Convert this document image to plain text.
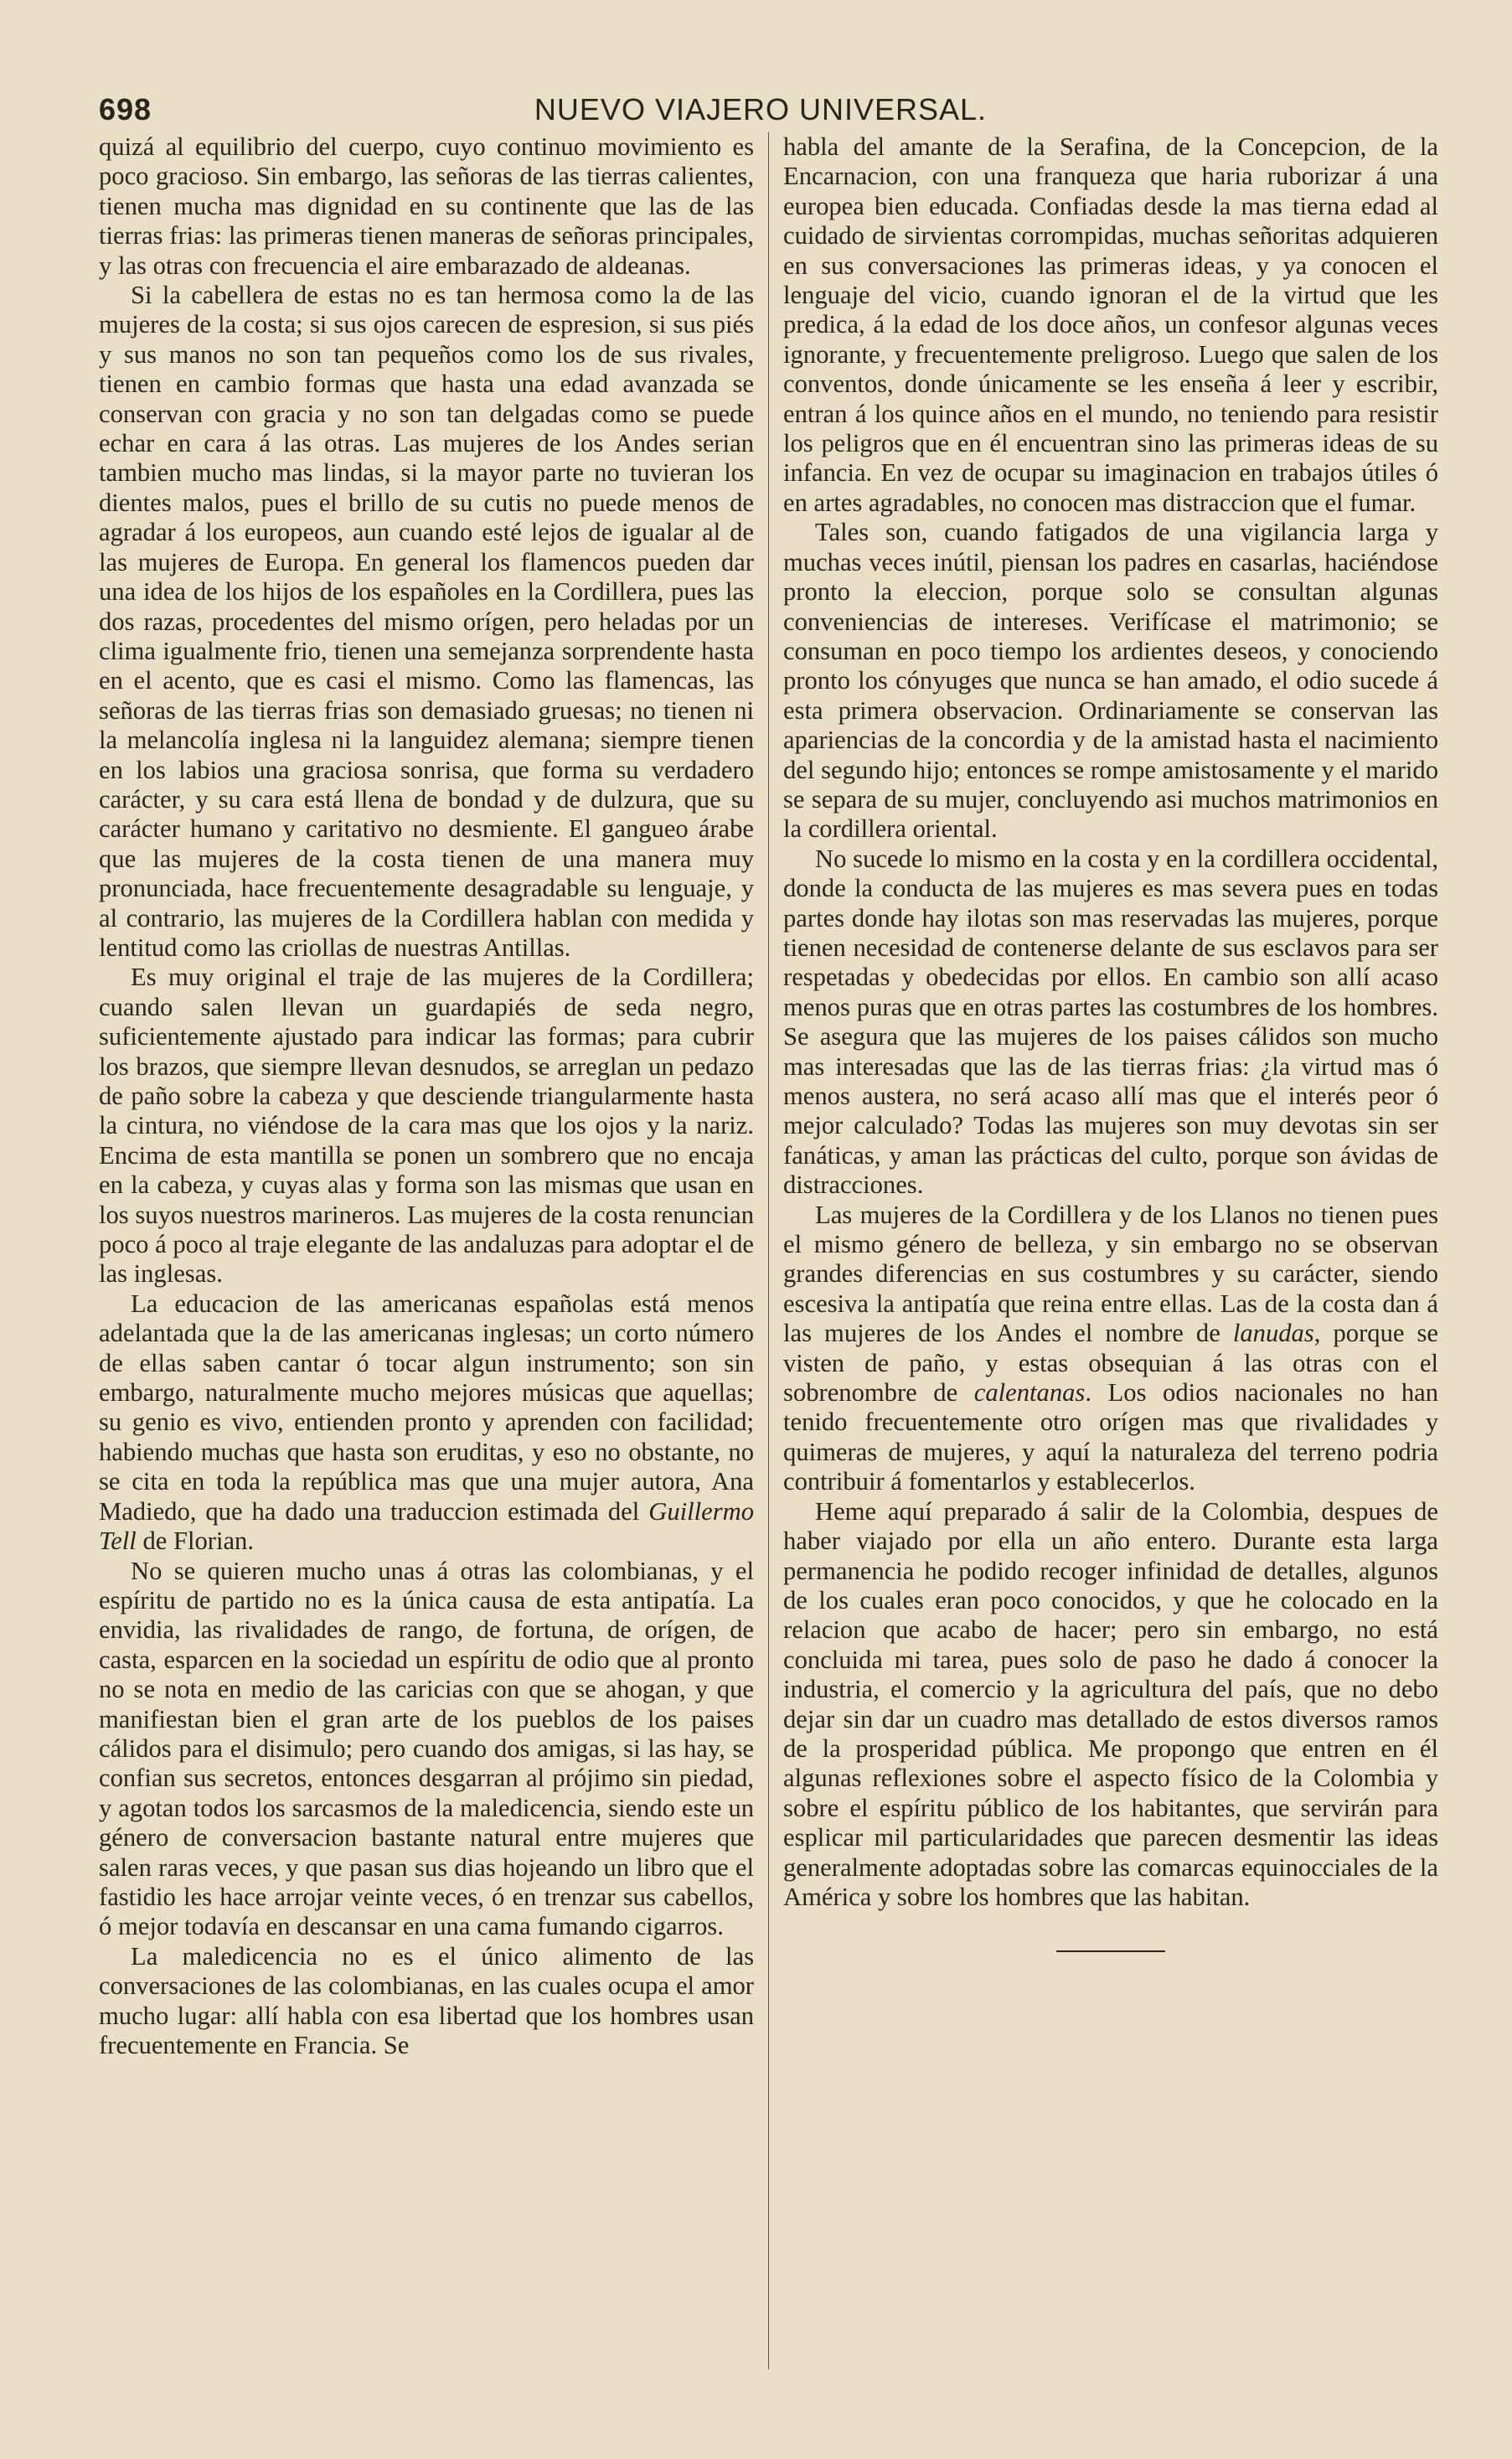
698	NUEVO VIAJERO UNIVERSAL.

quizá al equilibrio del cuerpo, cuyo continuo movimiento es poco gracioso. Sin embargo, las señoras de las tierras calientes, tienen mucha mas dignidad en su continente que las de las tierras frias: las primeras tienen maneras de señoras principales, y las otras con frecuencia el aire embarazado de aldeanas.

Si la cabellera de estas no es tan hermosa como la de las mujeres de la costa; si sus ojos carecen de espresion, si sus piés y sus manos no son tan pequeños como los de sus rivales, tienen en cambio formas que hasta una edad avanzada se conservan con gracia y no son tan delgadas como se puede echar en cara á las otras. Las mujeres de los Andes serian tambien mucho mas lindas, si la mayor parte no tuvieran los dientes malos, pues el brillo de su cutis no puede menos de agradar á los europeos, aun cuando esté lejos de igualar al de las mujeres de Europa. En general los flamencos pueden dar una idea de los hijos de los españoles en la Cordillera, pues las dos razas, procedentes del mismo orígen, pero heladas por un clima igualmente frio, tienen una semejanza sorprendente hasta en el acento, que es casi el mismo. Como las flamencas, las señoras de las tierras frias son demasiado gruesas; no tienen ni la melancolía inglesa ni la languidez alemana; siempre tienen en los labios una graciosa sonrisa, que forma su verdadero carácter, y su cara está llena de bondad y de dulzura, que su carácter humano y caritativo no desmiente. El gangueo árabe que las mujeres de la costa tienen de una manera muy pronunciada, hace frecuentemente desagradable su lenguaje, y al contrario, las mujeres de la Cordillera hablan con medida y lentitud como las criollas de nuestras Antillas.

Es muy original el traje de las mujeres de la Cordillera; cuando salen llevan un guardapiés de seda negro, suficientemente ajustado para indicar las formas; para cubrir los brazos, que siempre llevan desnudos, se arreglan un pedazo de paño sobre la cabeza y que desciende triangularmente hasta la cintura, no viéndose de la cara mas que los ojos y la nariz. Encima de esta mantilla se ponen un sombrero que no encaja en la cabeza, y cuyas alas y forma son las mismas que usan en los suyos nuestros marineros. Las mujeres de la costa renuncian poco á poco al traje elegante de las andaluzas para adoptar el de las inglesas.

La educacion de las americanas españolas está menos adelantada que la de las americanas inglesas; un corto número de ellas saben cantar ó tocar algun instrumento; son sin embargo, naturalmente mucho mejores músicas que aquellas; su genio es vivo, entienden pronto y aprenden con facilidad; habiendo muchas que hasta son eruditas, y eso no obstante, no se cita en toda la república mas que una mujer autora, Ana Madiedo, que ha dado una traduccion estimada del Guillermo Tell de Florian.

No se quieren mucho unas á otras las colombianas, y el espíritu de partido no es la única causa de esta antipatía. La envidia, las rivalidades de rango, de fortuna, de orígen, de casta, esparcen en la sociedad un espíritu de odio que al pronto no se nota en medio de las caricias con que se ahogan, y que manifiestan bien el gran arte de los pueblos de los paises cálidos para el disimulo; pero cuando dos amigas, si las hay, se confian sus secretos, entonces desgarran al prójimo sin piedad, y agotan todos los sarcasmos de la maledicencia, siendo este un género de conversacion bastante natural entre mujeres que salen raras veces, y que pasan sus dias hojeando un libro que el fastidio les hace arrojar veinte veces, ó en trenzar sus cabellos, ó mejor todavía en descansar en una cama fumando cigarros.

La maledicencia no es el único alimento de las conversaciones de las colombianas, en las cuales ocupa el amor mucho lugar: allí habla con esa libertad que los hombres usan frecuentemente en Francia. Se

habla del amante de la Serafina, de la Concepcion, de la Encarnacion, con una franqueza que haria ruborizar á una europea bien educada. Confiadas desde la mas tierna edad al cuidado de sirvientas corrompidas, muchas señoritas adquieren en sus conversaciones las primeras ideas, y ya conocen el lenguaje del vicio, cuando ignoran el de la virtud que les predica, á la edad de los doce años, un confesor algunas veces ignorante, y frecuentemente preligroso. Luego que salen de los conventos, donde únicamente se les enseña á leer y escribir, entran á los quince años en el mundo, no teniendo para resistir los peligros que en él encuentran sino las primeras ideas de su infancia. En vez de ocupar su imaginacion en trabajos útiles ó en artes agradables, no conocen mas distraccion que el fumar.

Tales son, cuando fatigados de una vigilancia larga y muchas veces inútil, piensan los padres en casarlas, haciéndose pronto la eleccion, porque solo se consultan algunas conveniencias de intereses. Verifícase el matrimonio; se consuman en poco tiempo los ardientes deseos, y conociendo pronto los cónyuges que nunca se han amado, el odio sucede á esta primera observacion. Ordinariamente se conservan las apariencias de la concordia y de la amistad hasta el nacimiento del segundo hijo; entonces se rompe amistosamente y el marido se separa de su mujer, concluyendo asi muchos matrimonios en la cordillera oriental.

No sucede lo mismo en la costa y en la cordillera occidental, donde la conducta de las mujeres es mas severa pues en todas partes donde hay ilotas son mas reservadas las mujeres, porque tienen necesidad de contenerse delante de sus esclavos para ser respetadas y obedecidas por ellos. En cambio son allí acaso menos puras que en otras partes las costumbres de los hombres. Se asegura que las mujeres de los paises cálidos son mucho mas interesadas que las de las tierras frias: ¿la virtud mas ó menos austera, no será acaso allí mas que el interés peor ó mejor calculado? Todas las mujeres son muy devotas sin ser fanáticas, y aman las prácticas del culto, porque son ávidas de distracciones.

Las mujeres de la Cordillera y de los Llanos no tienen pues el mismo género de belleza, y sin embargo no se observan grandes diferencias en sus costumbres y su carácter, siendo escesiva la antipatía que reina entre ellas. Las de la costa dan á las mujeres de los Andes el nombre de lanudas, porque se visten de paño, y estas obsequian á las otras con el sobrenombre de calentanas. Los odios nacionales no han tenido frecuentemente otro orígen mas que rivalidades y quimeras de mujeres, y aquí la naturaleza del terreno podria contribuir á fomentarlos y establecerlos.

Heme aquí preparado á salir de la Colombia, despues de haber viajado por ella un año entero. Durante esta larga permanencia he podido recoger infinidad de detalles, algunos de los cuales eran poco conocidos, y que he colocado en la relacion que acabo de hacer; pero sin embargo, no está concluida mi tarea, pues solo de paso he dado á conocer la industria, el comercio y la agricultura del país, que no debo dejar sin dar un cuadro mas detallado de estos diversos ramos de la prosperidad pública. Me propongo que entren en él algunas reflexiones sobre el aspecto físico de la Colombia y sobre el espíritu público de los habitantes, que servirán para esplicar mil particularidades que parecen desmentir las ideas generalmente adoptadas sobre las comarcas equinocciales de la América y sobre los hombres que las habitan.
